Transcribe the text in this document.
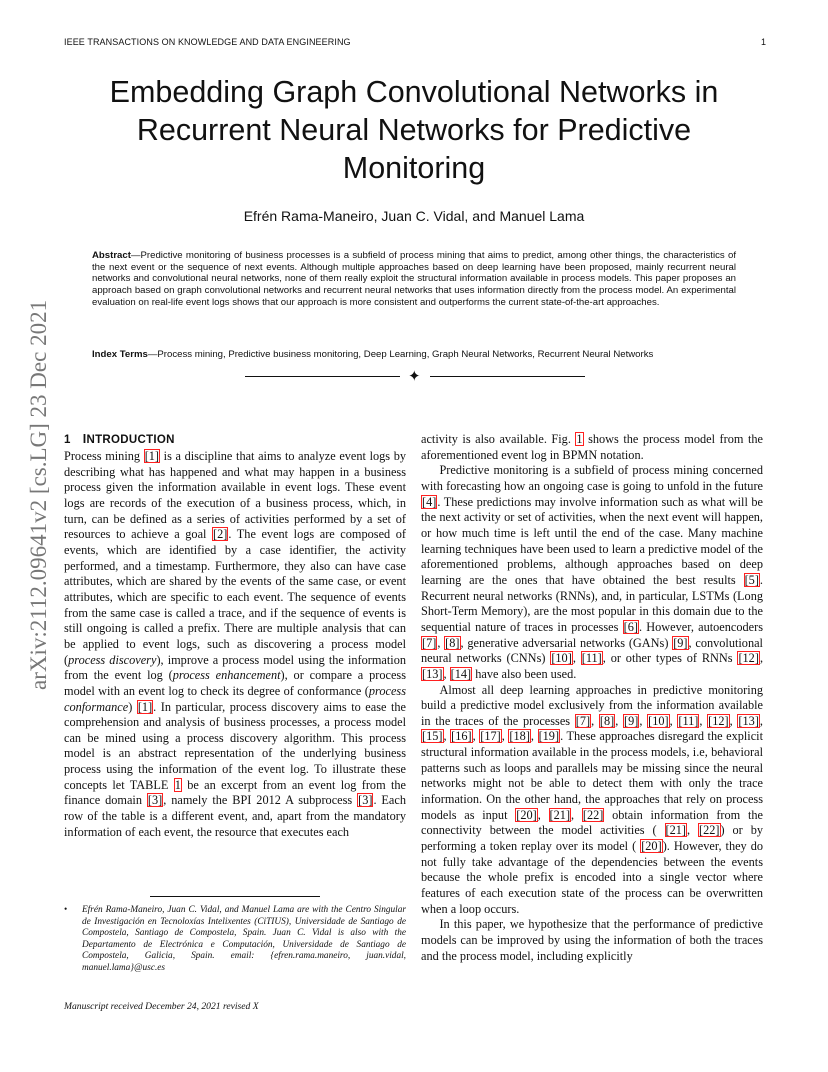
IEEE TRANSACTIONS ON KNOWLEDGE AND DATA ENGINEERING	1
arXiv:2112.09641v2 [cs.LG] 23 Dec 2021
Embedding Graph Convolutional Networks in Recurrent Neural Networks for Predictive Monitoring
Efrén Rama-Maneiro, Juan C. Vidal, and Manuel Lama
Abstract—Predictive monitoring of business processes is a subfield of process mining that aims to predict, among other things, the characteristics of the next event or the sequence of next events. Although multiple approaches based on deep learning have been proposed, mainly recurrent neural networks and convolutional neural networks, none of them really exploit the structural information available in process models. This paper proposes an approach based on graph convolutional networks and recurrent neural networks that uses information directly from the process model. An experimental evaluation on real-life event logs shows that our approach is more consistent and outperforms the current state-of-the-art approaches.
Index Terms—Process mining, Predictive business monitoring, Deep Learning, Graph Neural Networks, Recurrent Neural Networks
✦
1 INTRODUCTION

Process mining [1] is a discipline that aims to analyze event logs by describing what has happened and what may happen in a business process given the information available in event logs. These event logs are records of the execution of a business process, which, in turn, can be defined as a series of activities performed by a set of resources to achieve a goal [2]. The event logs are composed of events, which are identified by a case identifier, the activity performed, and a timestamp. Furthermore, they also can have case attributes, which are shared by the events of the same case, or event attributes, which are specific to each event. The sequence of events from the same case is called a trace, and if the sequence of events is still ongoing is called a prefix. There are multiple analysis that can be applied to event logs, such as discovering a process model (process discovery), improve a process model using the information from the event log (process enhancement), or compare a process model with an event log to check its degree of conformance (process conformance) [1]. In particular, process discovery aims to ease the comprehension and analysis of business processes, a process model can be mined using a process discovery algorithm. This process model is an abstract representation of the underlying business process using the information of the event log. To illustrate these concepts let TABLE 1 be an excerpt from an event log from the finance domain [3], namely the BPI 2012 A subprocess [3]. Each row of the table is a different event, and, apart from the mandatory information of each event, the resource that executes each

activity is also available. Fig. 1 shows the process model from the aforementioned event log in BPMN notation.

Predictive monitoring is a subfield of process mining concerned with forecasting how an ongoing case is going to unfold in the future [4]. These predictions may involve information such as what will be the next activity or set of activities, when the next event will happen, or how much time is left until the end of the case. Many machine learning techniques have been used to learn a predictive model of the aforementioned problems, although approaches based on deep learning are the ones that have obtained the best results [5]. Recurrent neural networks (RNNs), and, in particular, LSTMs (Long Short-Term Memory), are the most popular in this domain due to the sequential nature of traces in processes [6]. However, autoencoders [7], [8], generative adversarial networks (GANs) [9], convolutional neural networks (CNNs) [10], [11], or other types of RNNs [12], [13], [14] have also been used.

Almost all deep learning approaches in predictive monitoring build a predictive model exclusively from the information available in the traces of the processes [7], [8], [9], [10], [11], [12], [13], [15], [16], [17], [18], [19]. These approaches disregard the explicit structural information available in the process models, i.e, behavioral patterns such as loops and parallels may be missing since the neural networks might not be able to detect them with only the trace information. On the other hand, the approaches that rely on process models as input [20], [21], [22] obtain information from the connectivity between the model activities ( [21], [22]) or by performing a token replay over its model ( [20]). However, they do not fully take advantage of the dependencies between the events because the whole prefix is encoded into a single vector where features of each execution state of the process can be overwritten when a loop occurs.

In this paper, we hypothesize that the performance of predictive models can be improved by using the information of both the traces and the process model, including explicitly

• Efrén Rama-Maneiro, Juan C. Vidal, and Manuel Lama are with the Centro Singular de Investigación en Tecnoloxías Intelixentes (CiTIUS), Universidade de Santiago de Compostela, Santiago de Compostela, Spain. Juan C. Vidal is also with the Departamento de Electrónica e Computación, Universidade de Santiago de Compostela, Galicia, Spain. email: {efren.rama.maneiro, juan.vidal, manuel.lama}@usc.es
Manuscript received December 24, 2021 revised X
